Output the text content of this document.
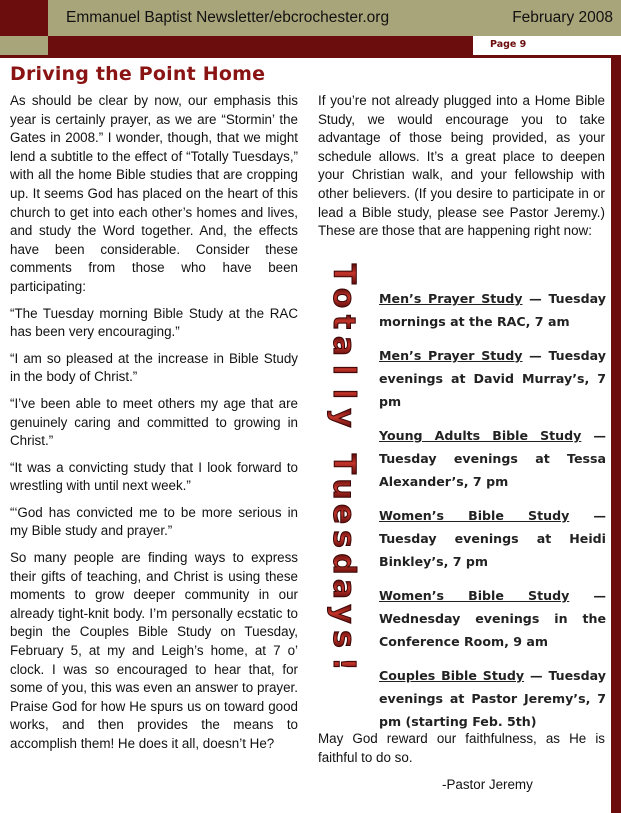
Emmanuel Baptist Newsletter/ebcrochester.org	February 2008
Page 9
Driving the Point Home

As should be clear by now, our emphasis this year is certainly prayer, as we are “Stormin’ the Gates in 2008.” I wonder, though, that we might lend a subtitle to the effect of “Totally Tuesdays,” with all the home Bible studies that are cropping up. It seems God has placed on the heart of this church to get into each other’s homes and lives, and study the Word together. And, the effects have been considerable. Consider these comments from those who have been participating:

“The Tuesday morning Bible Study at the RAC has been very encouraging.”

“I am so pleased at the increase in Bible Study in the body of Christ.”

“I’ve been able to meet others my age that are genuinely caring and committed to growing in Christ.”

“It was a convicting study that I look forward to wrestling with until next week.”

“‘God has convicted me to be more serious in my Bible study and prayer.”

So many people are finding ways to express their gifts of teaching, and Christ is using these moments to grow deeper community in our already tight-knit body. I’m personally ecstatic to begin the Couples Bible Study on Tuesday, February 5, at my and Leigh’s home, at 7 o’ clock. I was so encouraged to hear that, for some of you, this was even an answer to prayer. Praise God for how He spurs us on toward good works, and then provides the means to accomplish them! He does it all, doesn’t He?

If you’re not already plugged into a Home Bible Study, we would encourage you to take advantage of those being provided, as your schedule allows. It’s a great place to deepen your Christian walk, and your fellowship with other believers. (If you desire to participate in or lead a Bible study, please see Pastor Jeremy.) These are those that are happening right now:
T
o
t
a
l
l
y
T
u
e
s
d
a
y
s
!
Men’s Prayer Study — Tuesday mornings at the RAC, 7 am
Men’s Prayer Study — Tuesday evenings at David Murray’s, 7 pm
Young Adults Bible Study — Tuesday evenings at Tessa Alexander’s, 7 pm
Women’s Bible Study — Tuesday evenings at Heidi Binkley’s, 7 pm
Women’s Bible Study — Wednesday evenings in the Conference Room, 9 am
Couples Bible Study — Tuesday evenings at Pastor Jeremy’s, 7 pm (starting Feb. 5th)
May God reward our faithfulness, as He is faithful to do so.
-Pastor Jeremy
